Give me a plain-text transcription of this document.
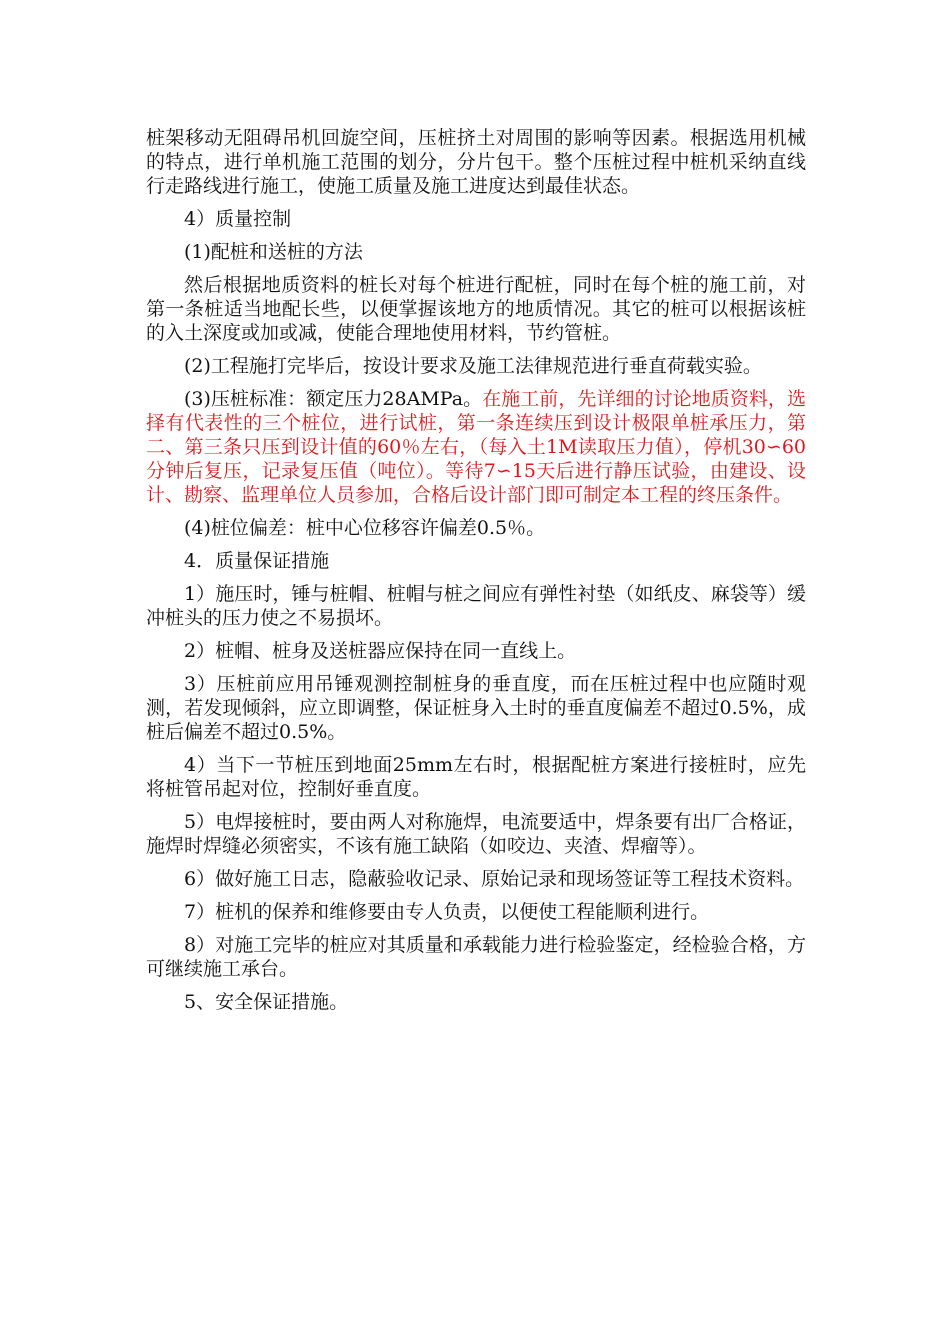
桩架移动无阻碍吊机回旋空间，压桩挤土对周围的影响等因素。根据选用机械的特点，进行单机施工范围的划分，分片包干。整个压桩过程中桩机采纳直线行走路线进行施工，使施工质量及施工进度达到最佳状态。

4）质量控制

(1)配桩和送桩的方法

然后根据地质资料的桩长对每个桩进行配桩，同时在每个桩的施工前，对第一条桩适当地配长些，以便掌握该地方的地质情况。其它的桩可以根据该桩的入土深度或加或减，使能合理地使用材料，节约管桩。

(2)工程施打完毕后，按设计要求及施工法律规范进行垂直荷载实验。

(3)压桩标准：额定压力28AMPa。在施工前，先详细的讨论地质资料，选择有代表性的三个桩位，进行试桩，第一条连续压到设计极限单桩承压力，第二、第三条只压到设计值的60％左右，（每入土1M读取压力值），停机30∽60分钟后复压，记录复压值（吨位）。等待7∽15天后进行静压试验，由建设、设计、勘察、监理单位人员参加，合格后设计部门即可制定本工程的终压条件。

(4)桩位偏差：桩中心位移容许偏差0.5％。

4．质量保证措施

1）施压时，锤与桩帽、桩帽与桩之间应有弹性衬垫（如纸皮、麻袋等）缓冲桩头的压力使之不易损坏。

2）桩帽、桩身及送桩器应保持在同一直线上。

3）压桩前应用吊锤观测控制桩身的垂直度，而在压桩过程中也应随时观测，若发现倾斜，应立即调整，保证桩身入土时的垂直度偏差不超过0.5%，成桩后偏差不超过0.5%。

4）当下一节桩压到地面25mm左右时，根据配桩方案进行接桩时，应先将桩管吊起对位，控制好垂直度。

5）电焊接桩时，要由两人对称施焊，电流要适中，焊条要有出厂合格证，施焊时焊缝必须密实，不该有施工缺陷（如咬边、夹渣、焊瘤等）。

6）做好施工日志，隐蔽验收记录、原始记录和现场签证等工程技术资料。

7）桩机的保养和维修要由专人负责，以便使工程能顺利进行。

8）对施工完毕的桩应对其质量和承载能力进行检验鉴定，经检验合格，方可继续施工承台。

5、安全保证措施。
